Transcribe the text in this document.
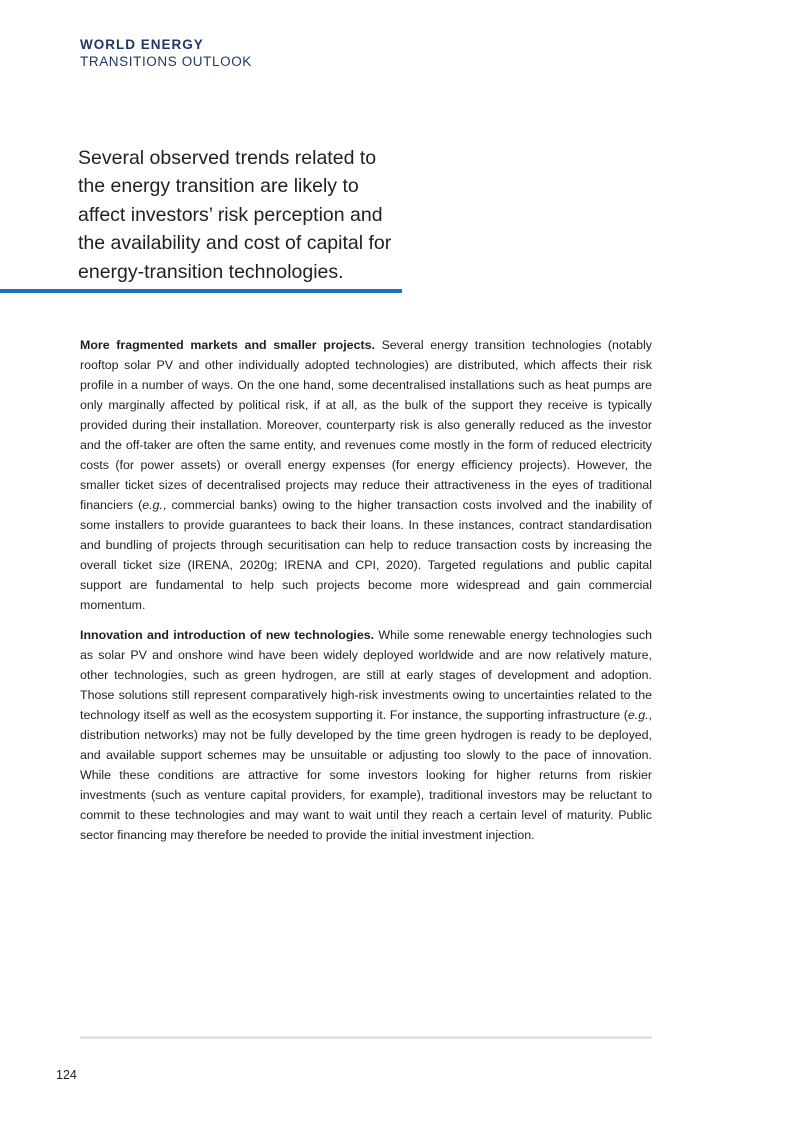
WORLD ENERGY
TRANSITIONS OUTLOOK

Several observed trends related to the energy transition are likely to affect investors’ risk perception and the availability and cost of capital for energy-transition technologies.

More fragmented markets and smaller projects. Several energy transition technologies (notably rooftop solar PV and other individually adopted technologies) are distributed, which affects their risk profile in a number of ways. On the one hand, some decentralised installations such as heat pumps are only marginally affected by political risk, if at all, as the bulk of the support they receive is typically provided during their installation. Moreover, counterparty risk is also generally reduced as the investor and the off-taker are often the same entity, and revenues come mostly in the form of reduced electricity costs (for power assets) or overall energy expenses (for energy efficiency projects). However, the smaller ticket sizes of decentralised projects may reduce their attractiveness in the eyes of traditional financiers (e.g., commercial banks) owing to the higher transaction costs involved and the inability of some installers to provide guarantees to back their loans. In these instances, contract standardisation and bundling of projects through securitisation can help to reduce transaction costs by increasing the overall ticket size (IRENA, 2020g; IRENA and CPI, 2020). Targeted regulations and public capital support are fundamental to help such projects become more widespread and gain commercial momentum.

Innovation and introduction of new technologies. While some renewable energy technologies such as solar PV and onshore wind have been widely deployed worldwide and are now relatively mature, other technologies, such as green hydrogen, are still at early stages of development and adoption. Those solutions still represent comparatively high-risk investments owing to uncertainties related to the technology itself as well as the ecosystem supporting it. For instance, the supporting infrastructure (e.g., distribution networks) may not be fully developed by the time green hydrogen is ready to be deployed, and available support schemes may be unsuitable or adjusting too slowly to the pace of innovation. While these conditions are attractive for some investors looking for higher returns from riskier investments (such as venture capital providers, for example), traditional investors may be reluctant to commit to these technologies and may want to wait until they reach a certain level of maturity. Public sector financing may therefore be needed to provide the initial investment injection.

124
